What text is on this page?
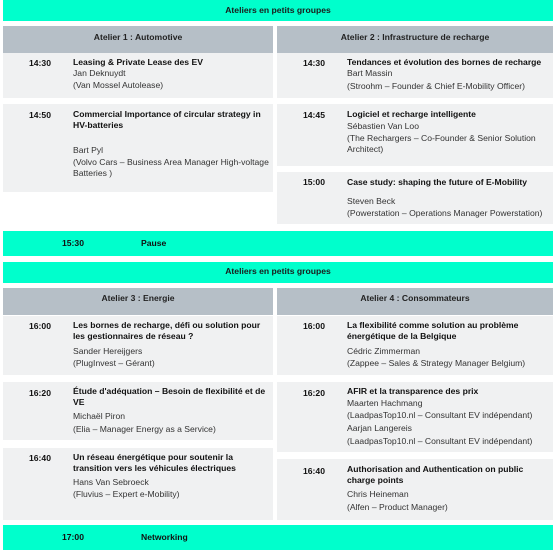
Ateliers en petits groupes
Atelier 1 : Automotive	Atelier 2 : Infrastructure de recharge
14:30	Leasing & Private Lease des EV
Jan Deknuydt
(Van Mossel Autolease)
14:50	Commercial Importance of circular strategy in HV-batteries
Bart Pyl
(Volvo Cars – Business Area Manager High-voltage Batteries )
14:30	Tendances et évolution des bornes de recharge
Bart Massin
(Stroohm – Founder & Chief E-Mobility Officer)
14:45	Logiciel et recharge intelligente
Sébastien Van Loo
(The Rechargers – Co-Founder & Senior Solution Architect)
15:00	Case study: shaping the future of E-Mobility
Steven Beck
(Powerstation – Operations Manager Powerstation)
15:30	Pause
Ateliers en petits groupes
Atelier 3 : Energie	Atelier 4 : Consommateurs
16:00	Les bornes de recharge, défi ou solution pour les gestionnaires de réseau ?
Sander Hereijgers
(PlugInvest – Gérant)
16:20	Étude d'adéquation – Besoin de flexibilité et de VE
Michaël Piron
(Elia – Manager Energy as a Service)
16:40	Un réseau énergétique pour soutenir la transition vers les véhicules électriques
Hans Van Sebroeck
(Fluvius – Expert e-Mobility)
16:00	La flexibilité comme solution au problème énergétique de la Belgique
Cédric Zimmerman
(Zappee – Sales & Strategy Manager Belgium)
16:20	AFIR et la transparence des prix
Maarten Hachmang
(LaadpasTop10.nl – Consultant EV indépendant)
Aarjan Langereis
(LaadpasTop10.nl – Consultant EV indépendant)
16:40	Authorisation and Authentication on public charge points
Chris Heineman
(Alfen – Product Manager)
17:00	Networking
